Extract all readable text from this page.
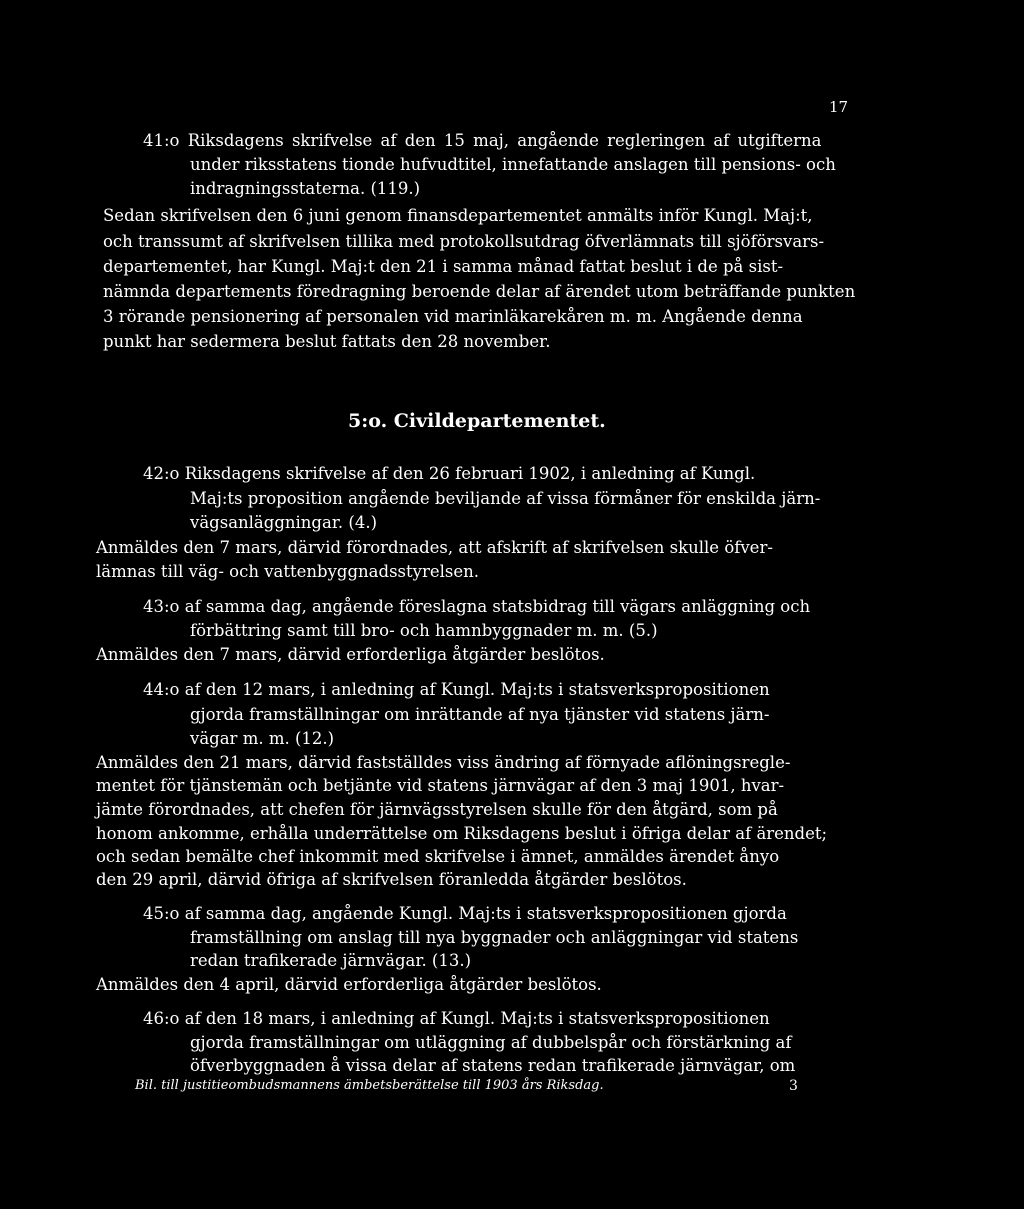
17
41:o Riksdagens skrifvelse af den 15 maj, angående regleringen af utgifterna
under riksstatens tionde hufvudtitel, innefattande anslagen till pensions- och
indragningsstaterna. (119.)
Sedan skrifvelsen den 6 juni genom finansdepartementet anmälts inför Kungl. Maj:t,
och transsumt af skrifvelsen tillika med protokollsutdrag öfverlämnats till sjöförsvars-
departementet, har Kungl. Maj:t den 21 i samma månad fattat beslut i de på sist-
nämnda departements föredragning beroende delar af ärendet utom beträffande punkten
3 rörande pensionering af personalen vid marinläkarekåren m. m. Angående denna
punkt har sedermera beslut fattats den 28 november.
5:o. Civildepartementet.
42:o Riksdagens skrifvelse af den 26 februari 1902, i anledning af Kungl.
Maj:ts proposition angående beviljande af vissa förmåner för enskilda järn-
vägsanläggningar. (4.)
Anmäldes den 7 mars, därvid förordnades, att afskrift af skrifvelsen skulle öfver-
lämnas till väg- och vattenbyggnadsstyrelsen.
43:o af samma dag, angående föreslagna statsbidrag till vägars anläggning och
förbättring samt till bro- och hamnbyggnader m. m. (5.)
Anmäldes den 7 mars, därvid erforderliga åtgärder beslötos.
44:o af den 12 mars, i anledning af Kungl. Maj:ts i statsverkspropositionen
gjorda framställningar om inrättande af nya tjänster vid statens järn-
vägar m. m. (12.)
Anmäldes den 21 mars, därvid fastställdes viss ändring af förnyade aflöningsregle-
mentet för tjänstemän och betjänte vid statens järnvägar af den 3 maj 1901, hvar-
jämte förordnades, att chefen för järnvägsstyrelsen skulle för den åtgärd, som på
honom ankomme, erhålla underrättelse om Riksdagens beslut i öfriga delar af ärendet;
och sedan bemälte chef inkommit med skrifvelse i ämnet, anmäldes ärendet ånyo
den 29 april, därvid öfriga af skrifvelsen föranledda åtgärder beslötos.
45:o af samma dag, angående Kungl. Maj:ts i statsverkspropositionen gjorda
framställning om anslag till nya byggnader och anläggningar vid statens
redan trafikerade järnvägar. (13.)
Anmäldes den 4 april, därvid erforderliga åtgärder beslötos.
46:o af den 18 mars, i anledning af Kungl. Maj:ts i statsverkspropositionen
gjorda framställningar om utläggning af dubbelspår och förstärkning af
öfverbyggnaden å vissa delar af statens redan trafikerade järnvägar, om
Bil. till justitieombudsmannens ämbetsberättelse till 1903 års Riksdag.	3
